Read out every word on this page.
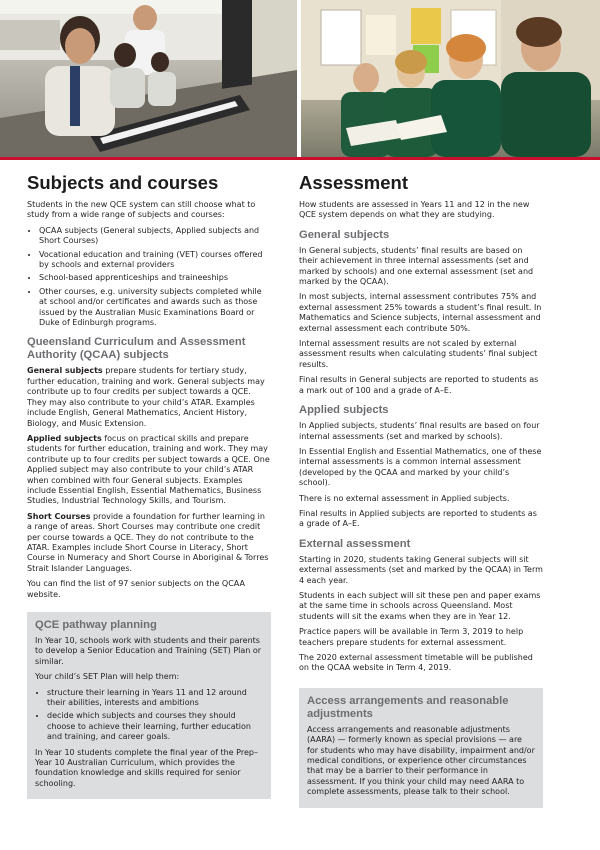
Subjects and courses

Students in the new QCE system can still choose what to study from a wide range of subjects and courses:

• QCAA subjects (General subjects, Applied subjects and Short Courses)
• Vocational education and training (VET) courses offered by schools and external providers
• School-based apprenticeships and traineeships
• Other courses, e.g. university subjects completed while at school and/or certificates and awards such as those issued by the Australian Music Examinations Board or Duke of Edinburgh programs.
Queensland Curriculum and Assessment Authority (QCAA) subjects

General subjects prepare students for tertiary study, further education, training and work. General subjects may contribute up to four credits per subject towards a QCE. They may also contribute to your child’s ATAR. Examples include English, General Mathematics, Ancient History, Biology, and Music Extension.

Applied subjects focus on practical skills and prepare students for further education, training and work. They may contribute up to four credits per subject towards a QCE. One Applied subject may also contribute to your child’s ATAR when combined with four General subjects. Examples include Essential English, Essential Mathematics, Business Studies, Industrial Technology Skills, and Tourism.

Short Courses provide a foundation for further learning in a range of areas. Short Courses may contribute one credit per course towards a QCE. They do not contribute to the ATAR. Examples include Short Course in Literacy, Short Course in Numeracy and Short Course in Aboriginal & Torres Strait Islander Languages.

You can find the list of 97 senior subjects on the QCAA website.

QCE pathway planning

In Year 10, schools work with students and their parents to develop a Senior Education and Training (SET) Plan or similar.

Your child’s SET Plan will help them:

• structure their learning in Years 11 and 12 around their abilities, interests and ambitions
• decide which subjects and courses they should choose to achieve their learning, further education and training, and career goals.

In Year 10 students complete the final year of the Prep–Year 10 Australian Curriculum, which provides the foundation knowledge and skills required for senior schooling.

Assessment

How students are assessed in Years 11 and 12 in the new QCE system depends on what they are studying.

General subjects

In General subjects, students’ final results are based on their achievement in three internal assessments (set and marked by schools) and one external assessment (set and marked by the QCAA).

In most subjects, internal assessment contributes 75% and external assessment 25% towards a student’s final result. In Mathematics and Science subjects, internal assessment and external assessment each contribute 50%.

Internal assessment results are not scaled by external assessment results when calculating students’ final subject results.

Final results in General subjects are reported to students as a mark out of 100 and a grade of A–E.

Applied subjects

In Applied subjects, students’ final results are based on four internal assessments (set and marked by schools).

In Essential English and Essential Mathematics, one of these internal assessments is a common internal assessment (developed by the QCAA and marked by your child’s school).

There is no external assessment in Applied subjects.

Final results in Applied subjects are reported to students as a grade of A–E.

External assessment

Starting in 2020, students taking General subjects will sit external assessments (set and marked by the QCAA) in Term 4 each year.

Students in each subject will sit these pen and paper exams at the same time in schools across Queensland. Most students will sit the exams when they are in Year 12.

Practice papers will be available in Term 3, 2019 to help teachers prepare students for external assessment.

The 2020 external assessment timetable will be published on the QCAA website in Term 4, 2019.

Access arrangements and reasonable adjustments

Access arrangements and reasonable adjustments (AARA) — formerly known as special provisions — are for students who may have disability, impairment and/or medical conditions, or experience other circumstances that may be a barrier to their performance in assessment. If you think your child may need AARA to complete assessments, please talk to their school.
